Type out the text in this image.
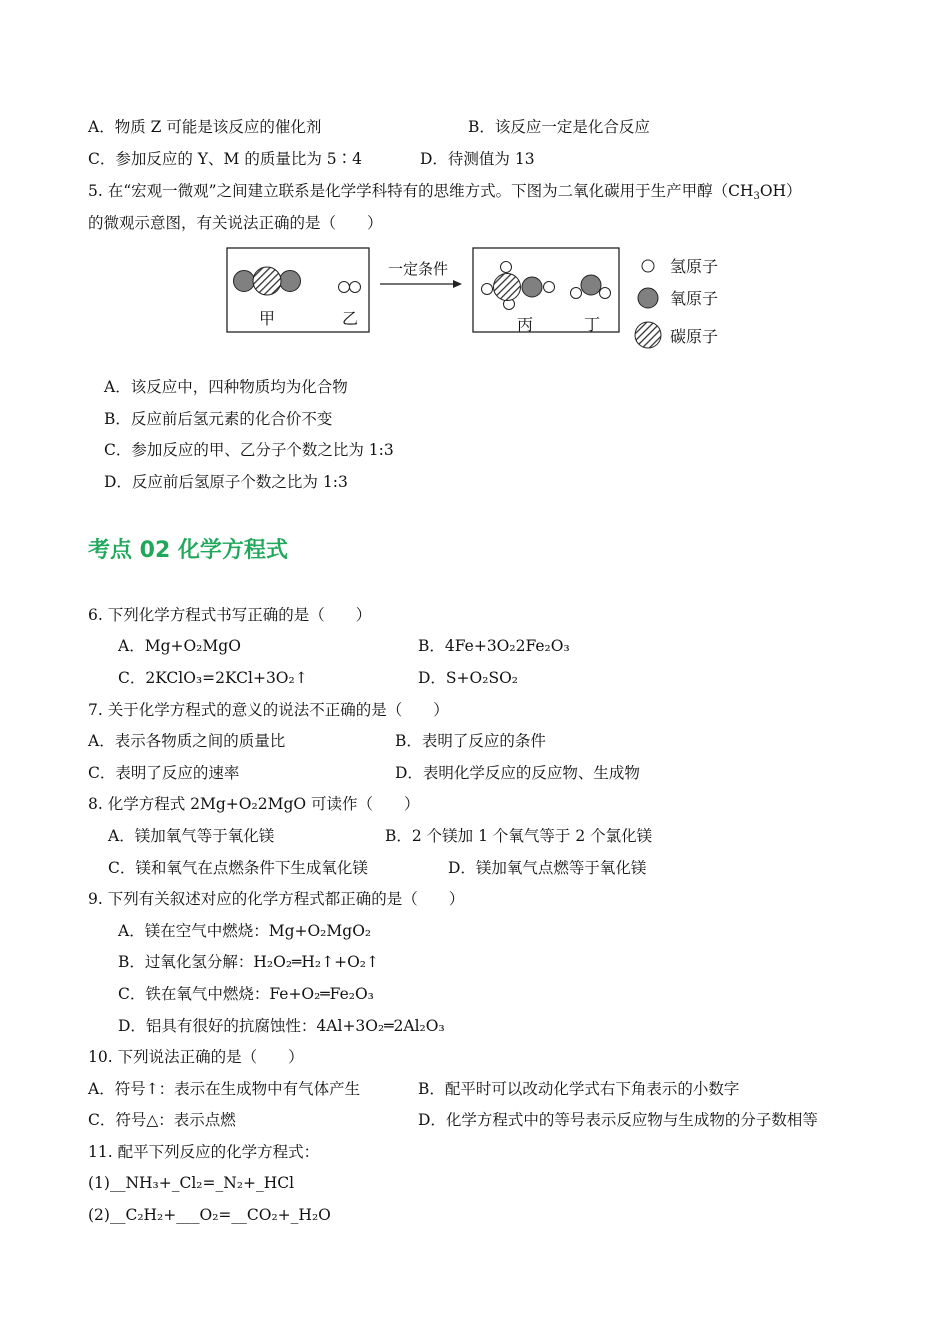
A．物质 Z 可能是该反应的催化剂	B．该反应一定是化合反应
C．参加反应的 Y、M 的质量比为 5∶4	D．待测值为 13
5. 在“宏观一微观”之间建立联系是化学学科特有的思维方式。下图为二氧化碳用于生产甲醇$(CH_3OH)$
的微观示意图，有关说法正确的是（　　）
甲	乙
一定条件
丙	丁
氢原子
氧原子
碳原子
A．该反应中，四种物质均为化合物
B．反应前后氢元素的化合价不变
C．参加反应的甲、乙分子个数之比为 1:3
D．反应前后氢原子个数之比为 1:3
考点 02 化学方程式
6. 下列化学方程式书写正确的是（　　）
A．Mg+O₂MgO	B．4Fe+3O₂2Fe₂O₃
C．2KClO₃=2KCl+3O₂↑	D．S+O₂SO₂
7. 关于化学方程式的意义的说法不正确的是（　　）
A．表示各物质之间的质量比	B．表明了反应的条件
C．表明了反应的速率	D．表明化学反应的反应物、生成物
8. 化学方程式 2Mg+O₂2MgO 可读作（　　）
A．镁加氧气等于氧化镁	B．2 个镁加 1 个氧气等于 2 个氯化镁
C．镁和氧气在点燃条件下生成氧化镁	D．镁加氧气点燃等于氧化镁
9. 下列有关叙述对应的化学方程式都正确的是（　　）
A．镁在空气中燃烧：Mg+O₂MgO₂
B．过氧化氢分解：H₂O₂═H₂↑+O₂↑
C．铁在氧气中燃烧：Fe+O₂═Fe₂O₃
D．铝具有很好的抗腐蚀性：4Al+3O₂═2Al₂O₃
10. 下列说法正确的是（　　）
A．符号↑：表示在生成物中有气体产生	B．配平时可以改动化学式右下角表示的小数字
C．符号△：表示点燃	D．化学方程式中的等号表示反应物与生成物的分子数相等
11. 配平下列反应的化学方程式：
(1)__NH₃+_Cl₂=_N₂+_HCl
(2)__C₂H₂+___O₂=__CO₂+_H₂O
